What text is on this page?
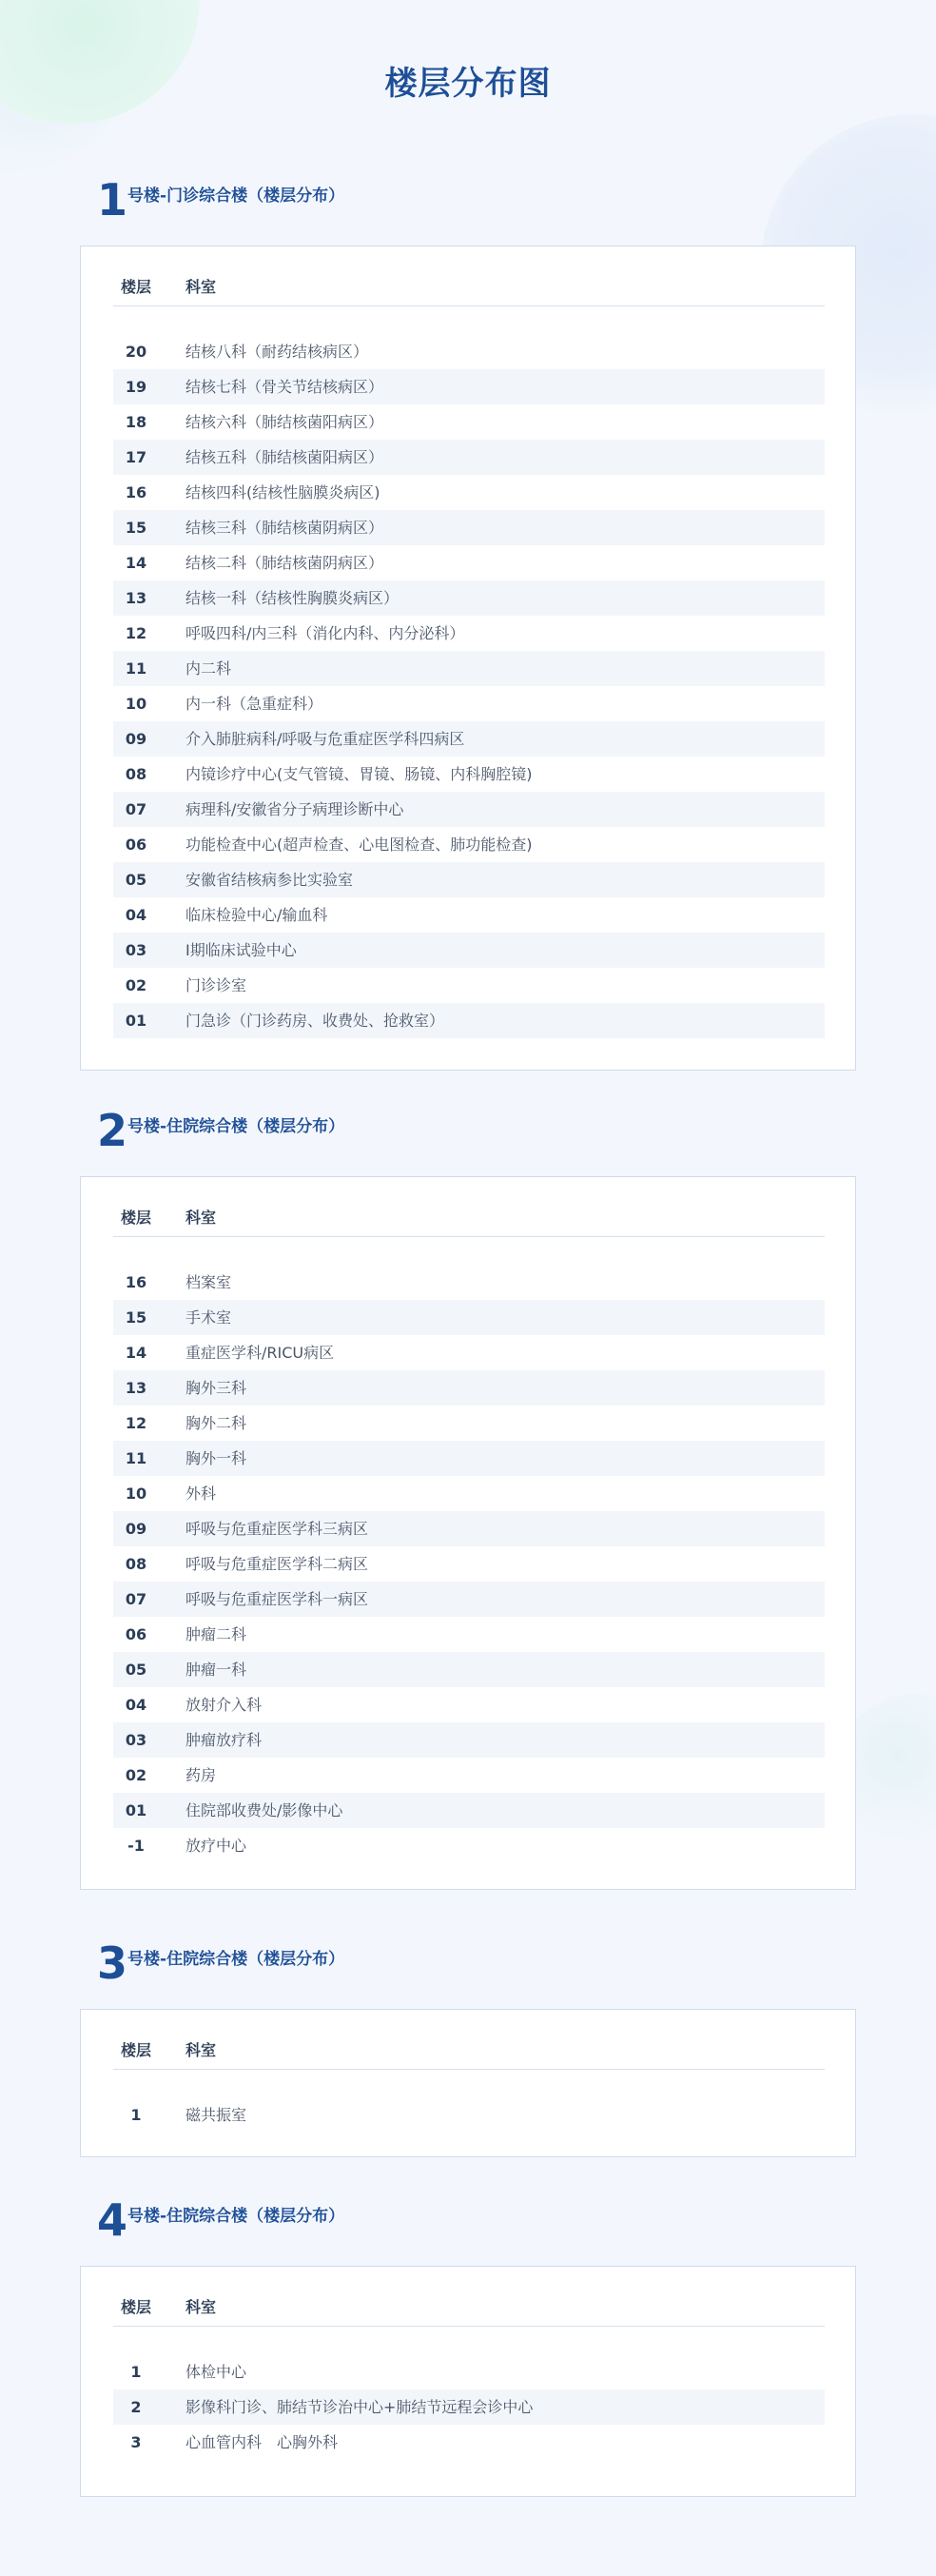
楼层分布图
1号楼-门诊综合楼（楼层分布）
楼层 科室
20	结核八科（耐药结核病区）
19	结核七科（骨关节结核病区）
18	结核六科（肺结核菌阳病区）
17	结核五科（肺结核菌阳病区）
16	结核四科(结核性脑膜炎病区)
15	结核三科（肺结核菌阴病区）
14	结核二科（肺结核菌阴病区）
13	结核一科（结核性胸膜炎病区）
12	呼吸四科/内三科（消化内科、内分泌科）
11	内二科
10	内一科（急重症科）
09	介入肺脏病科/呼吸与危重症医学科四病区
08	内镜诊疗中心(支气管镜、胃镜、肠镜、内科胸腔镜)
07	病理科/安徽省分子病理诊断中心
06	功能检查中心(超声检查、心电图检查、肺功能检查)
05	安徽省结核病参比实验室
04	临床检验中心/输血科
03	I期临床试验中心
02	门诊诊室
01	门急诊（门诊药房、收费处、抢救室）
2号楼-住院综合楼（楼层分布）
楼层 科室
16	档案室
15	手术室
14	重症医学科/RICU病区
13	胸外三科
12	胸外二科
11	胸外一科
10	外科
09	呼吸与危重症医学科三病区
08	呼吸与危重症医学科二病区
07	呼吸与危重症医学科一病区
06	肿瘤二科
05	肿瘤一科
04	放射介入科
03	肿瘤放疗科
02	药房
01	住院部收费处/影像中心
-1	放疗中心
3号楼-住院综合楼（楼层分布）
楼层 科室
1	磁共振室
4号楼-住院综合楼（楼层分布）
楼层 科室
1	体检中心
2	影像科门诊、肺结节诊治中心+肺结节远程会诊中心
3	心血管内科　心胸外科
